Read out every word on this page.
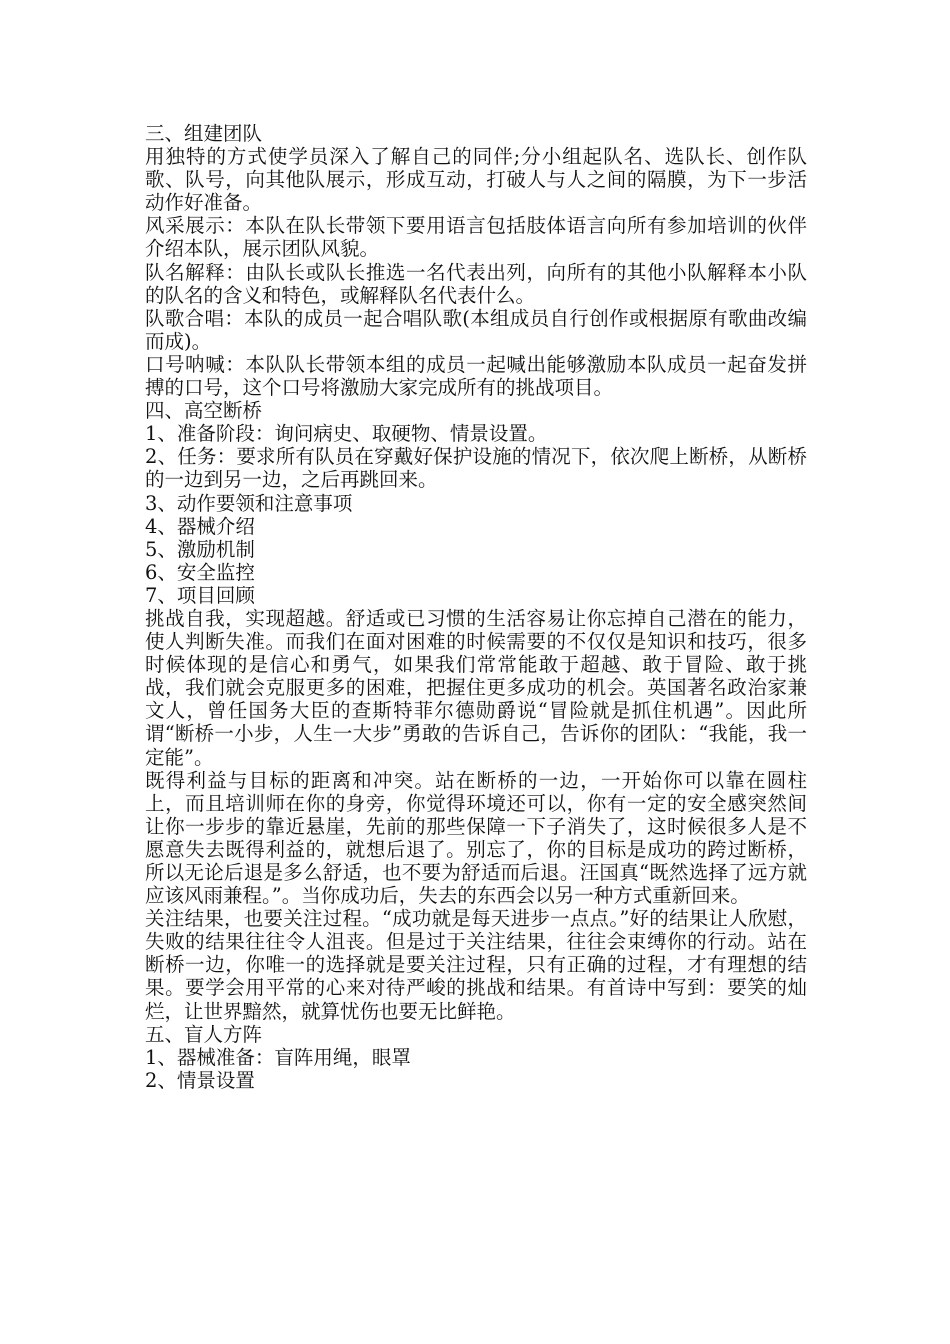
三、组建团队

用独特的方式使学员深入了解自己的同伴;分小组起队名、选队长、创作队歌、队号，向其他队展示，形成互动，打破人与人之间的隔膜，为下一步活动作好准备。

风采展示：本队在队长带领下要用语言包括肢体语言向所有参加培训的伙伴介绍本队，展示团队风貌。

队名解释：由队长或队长推选一名代表出列，向所有的其他小队解释本小队的队名的含义和特色，或解释队名代表什么。

队歌合唱：本队的成员一起合唱队歌(本组成员自行创作或根据原有歌曲改编而成)。

口号呐喊：本队队长带领本组的成员一起喊出能够激励本队成员一起奋发拼搏的口号，这个口号将激励大家完成所有的挑战项目。

四、高空断桥

1、准备阶段：询问病史、取硬物、情景设置。

2、任务：要求所有队员在穿戴好保护设施的情况下，依次爬上断桥，从断桥的一边到另一边，之后再跳回来。

3、动作要领和注意事项

4、器械介绍

5、激励机制

6、安全监控

7、项目回顾

挑战自我，实现超越。舒适或已习惯的生活容易让你忘掉自己潜在的能力，使人判断失准。而我们在面对困难的时候需要的不仅仅是知识和技巧，很多时候体现的是信心和勇气，如果我们常常能敢于超越、敢于冒险、敢于挑战，我们就会克服更多的困难，把握住更多成功的机会。英国著名政治家兼文人，曾任国务大臣的查斯特菲尔德勋爵说“冒险就是抓住机遇”。因此所谓“断桥一小步，人生一大步”勇敢的告诉自己，告诉你的团队：“我能，我一定能”。

既得利益与目标的距离和冲突。站在断桥的一边，一开始你可以靠在圆柱上，而且培训师在你的身旁，你觉得环境还可以，你有一定的安全感突然间让你一步步的靠近悬崖，先前的那些保障一下子消失了，这时候很多人是不愿意失去既得利益的，就想后退了。别忘了，你的目标是成功的跨过断桥，所以无论后退是多么舒适，也不要为舒适而后退。汪国真“既然选择了远方就应该风雨兼程。”。当你成功后，失去的东西会以另一种方式重新回来。

关注结果，也要关注过程。“成功就是每天进步一点点。”好的结果让人欣慰，失败的结果往往令人沮丧。但是过于关注结果，往往会束缚你的行动。站在断桥一边，你唯一的选择就是要关注过程，只有正确的过程，才有理想的结果。要学会用平常的心来对待严峻的挑战和结果。有首诗中写到：要笑的灿烂，让世界黯然，就算忧伤也要无比鲜艳。

五、盲人方阵

1、器械准备：盲阵用绳，眼罩

2、情景设置
